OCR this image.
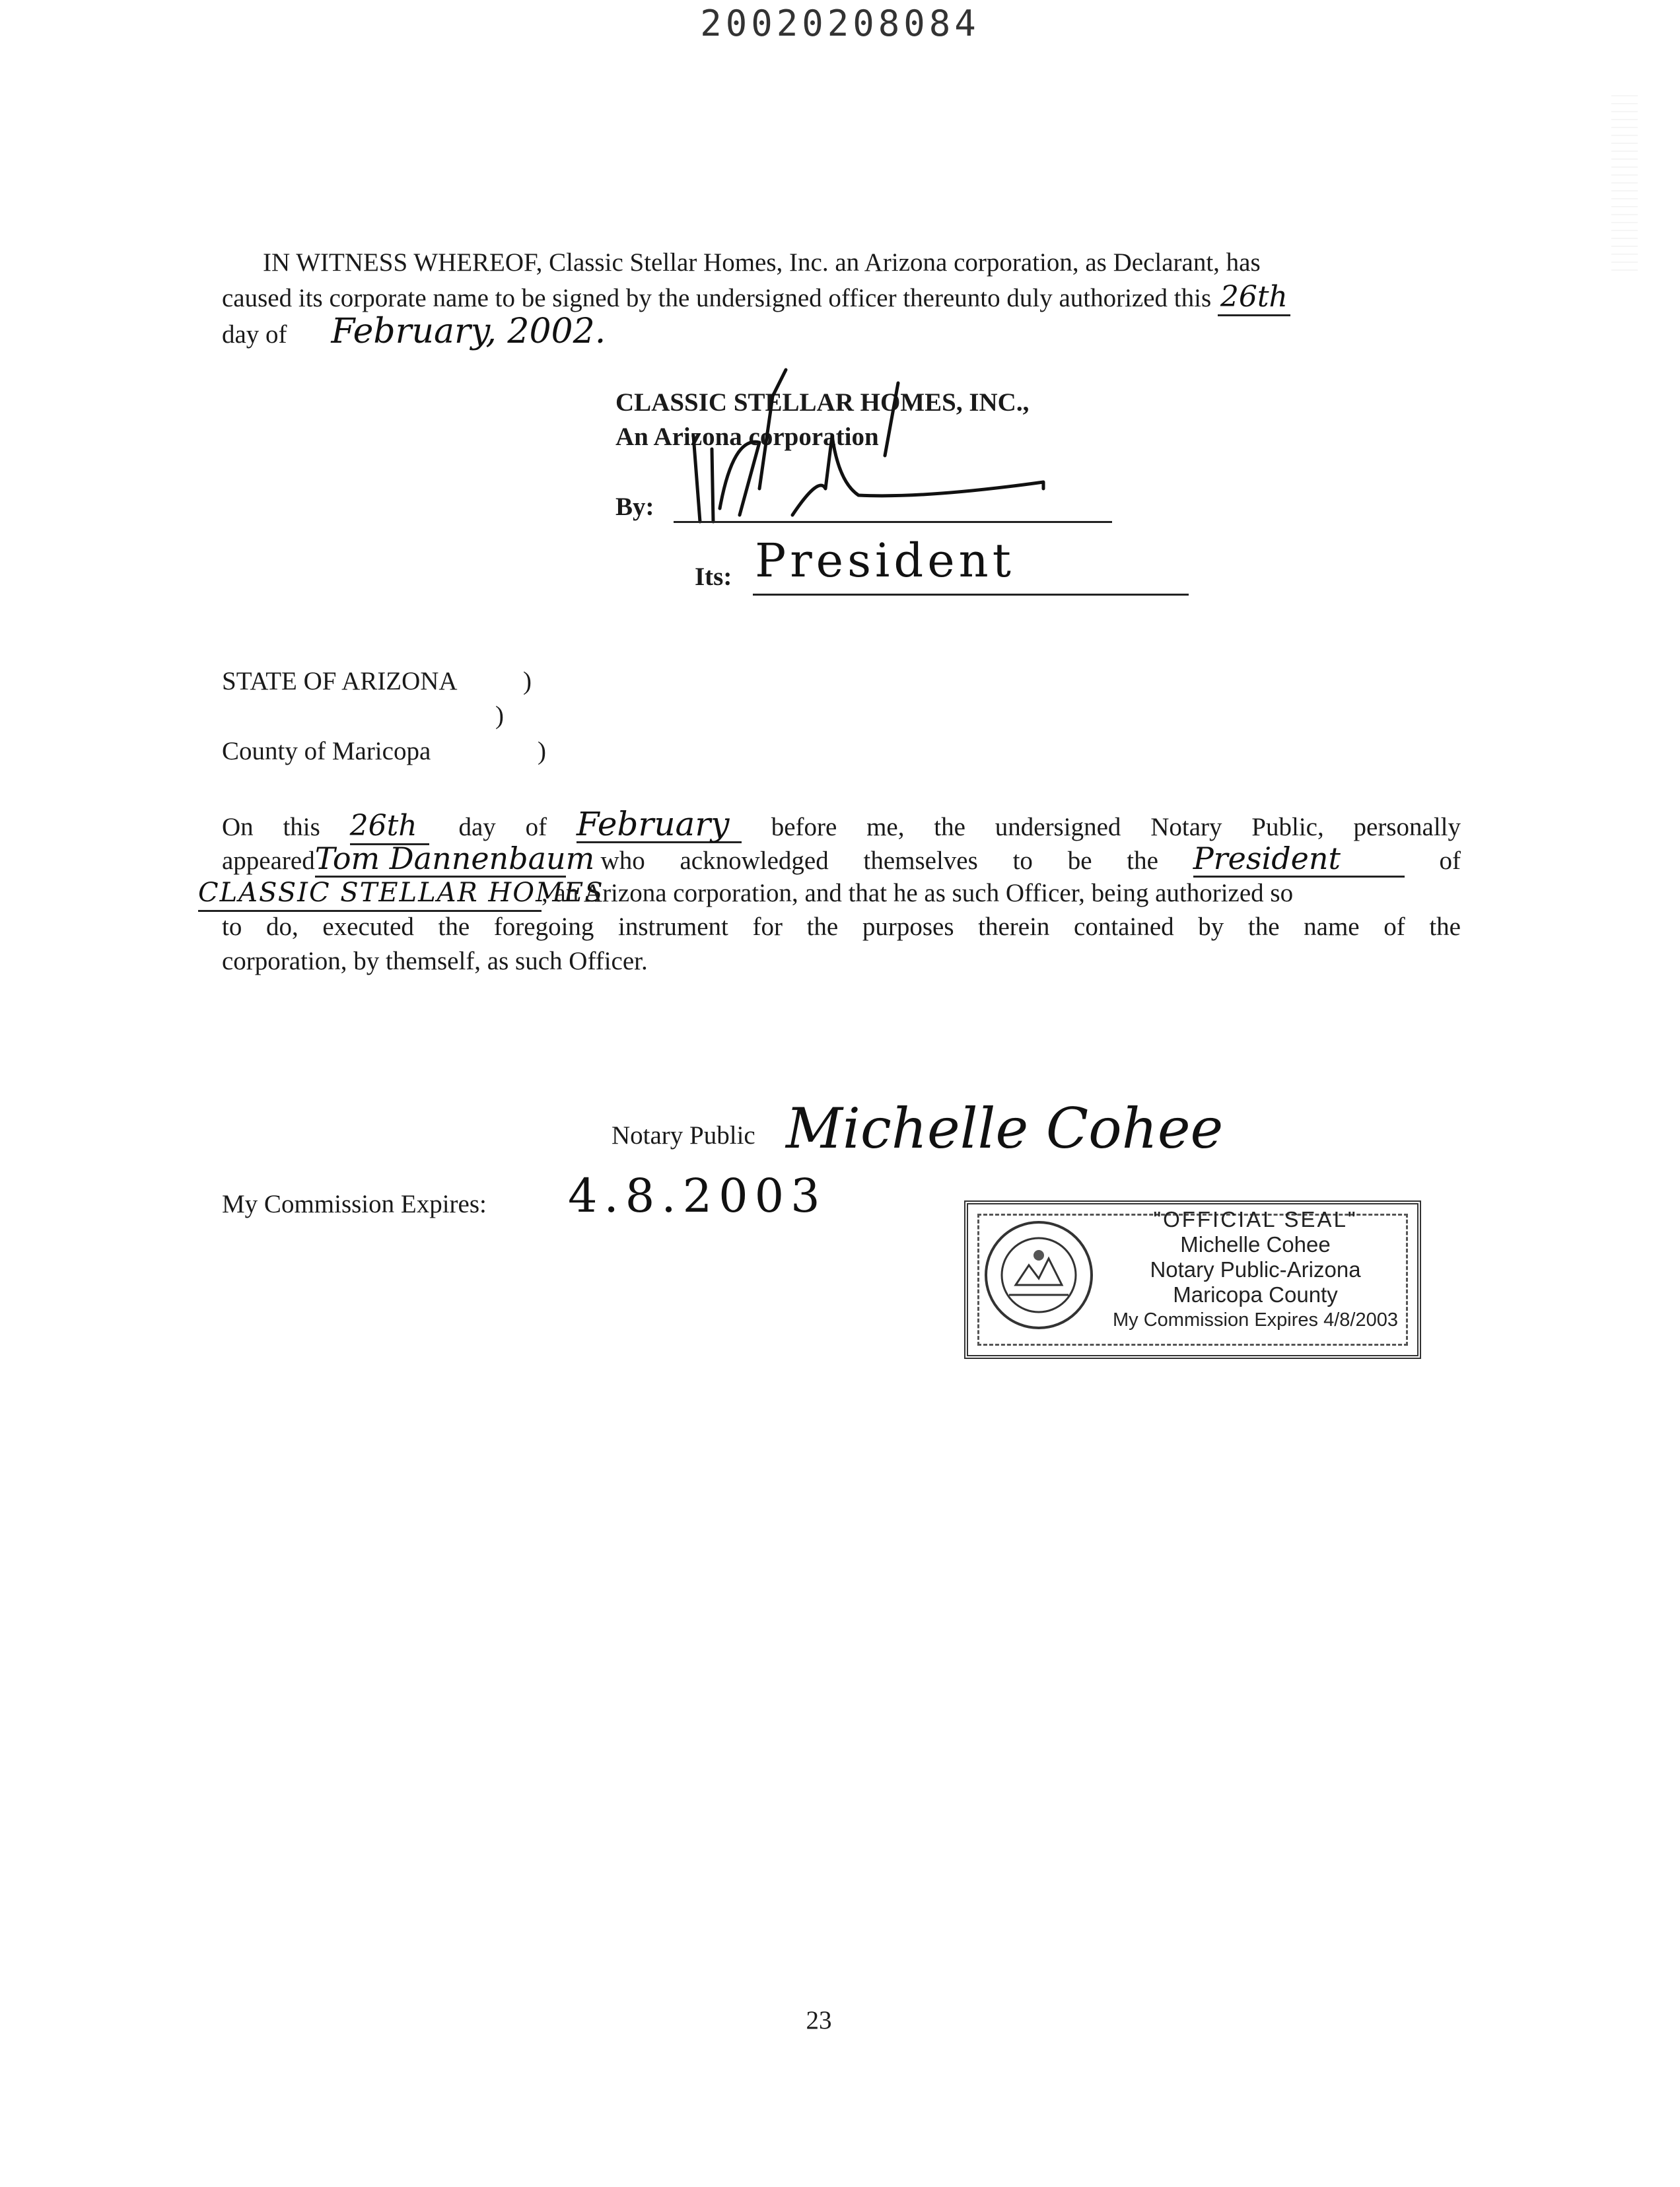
20020208084
IN WITNESS WHEREOF, Classic Stellar Homes, Inc. an Arizona corporation, as Declarant, has
caused its corporate name to be signed by the undersigned officer thereunto duly authorized this 26th
day of February, 2002.
CLASSIC STELLAR HOMES, INC.,
An Arizona corporation
By:
Its: President
STATE OF ARIZONA	)
)
County of Maricopa	)
On this 26th day of February before me, the undersigned Notary Public, personally
appearedTom Dannenbaum who acknowledged themselves to be the President	of
CLASSIC STELLAR HOMES, an Arizona corporation, and that he as such Officer, being authorized so
to do, executed the foregoing instrument for the purposes therein contained by the name of the
corporation, by themself, as such Officer.
Notary Public Michelle Cohee
My Commission Expires: 4.8.2003	"OFFICIAL SEAL"
Michelle Cohee
Notary Public-Arizona
Maricopa County
My Commission Expires 4/8/2003
23
